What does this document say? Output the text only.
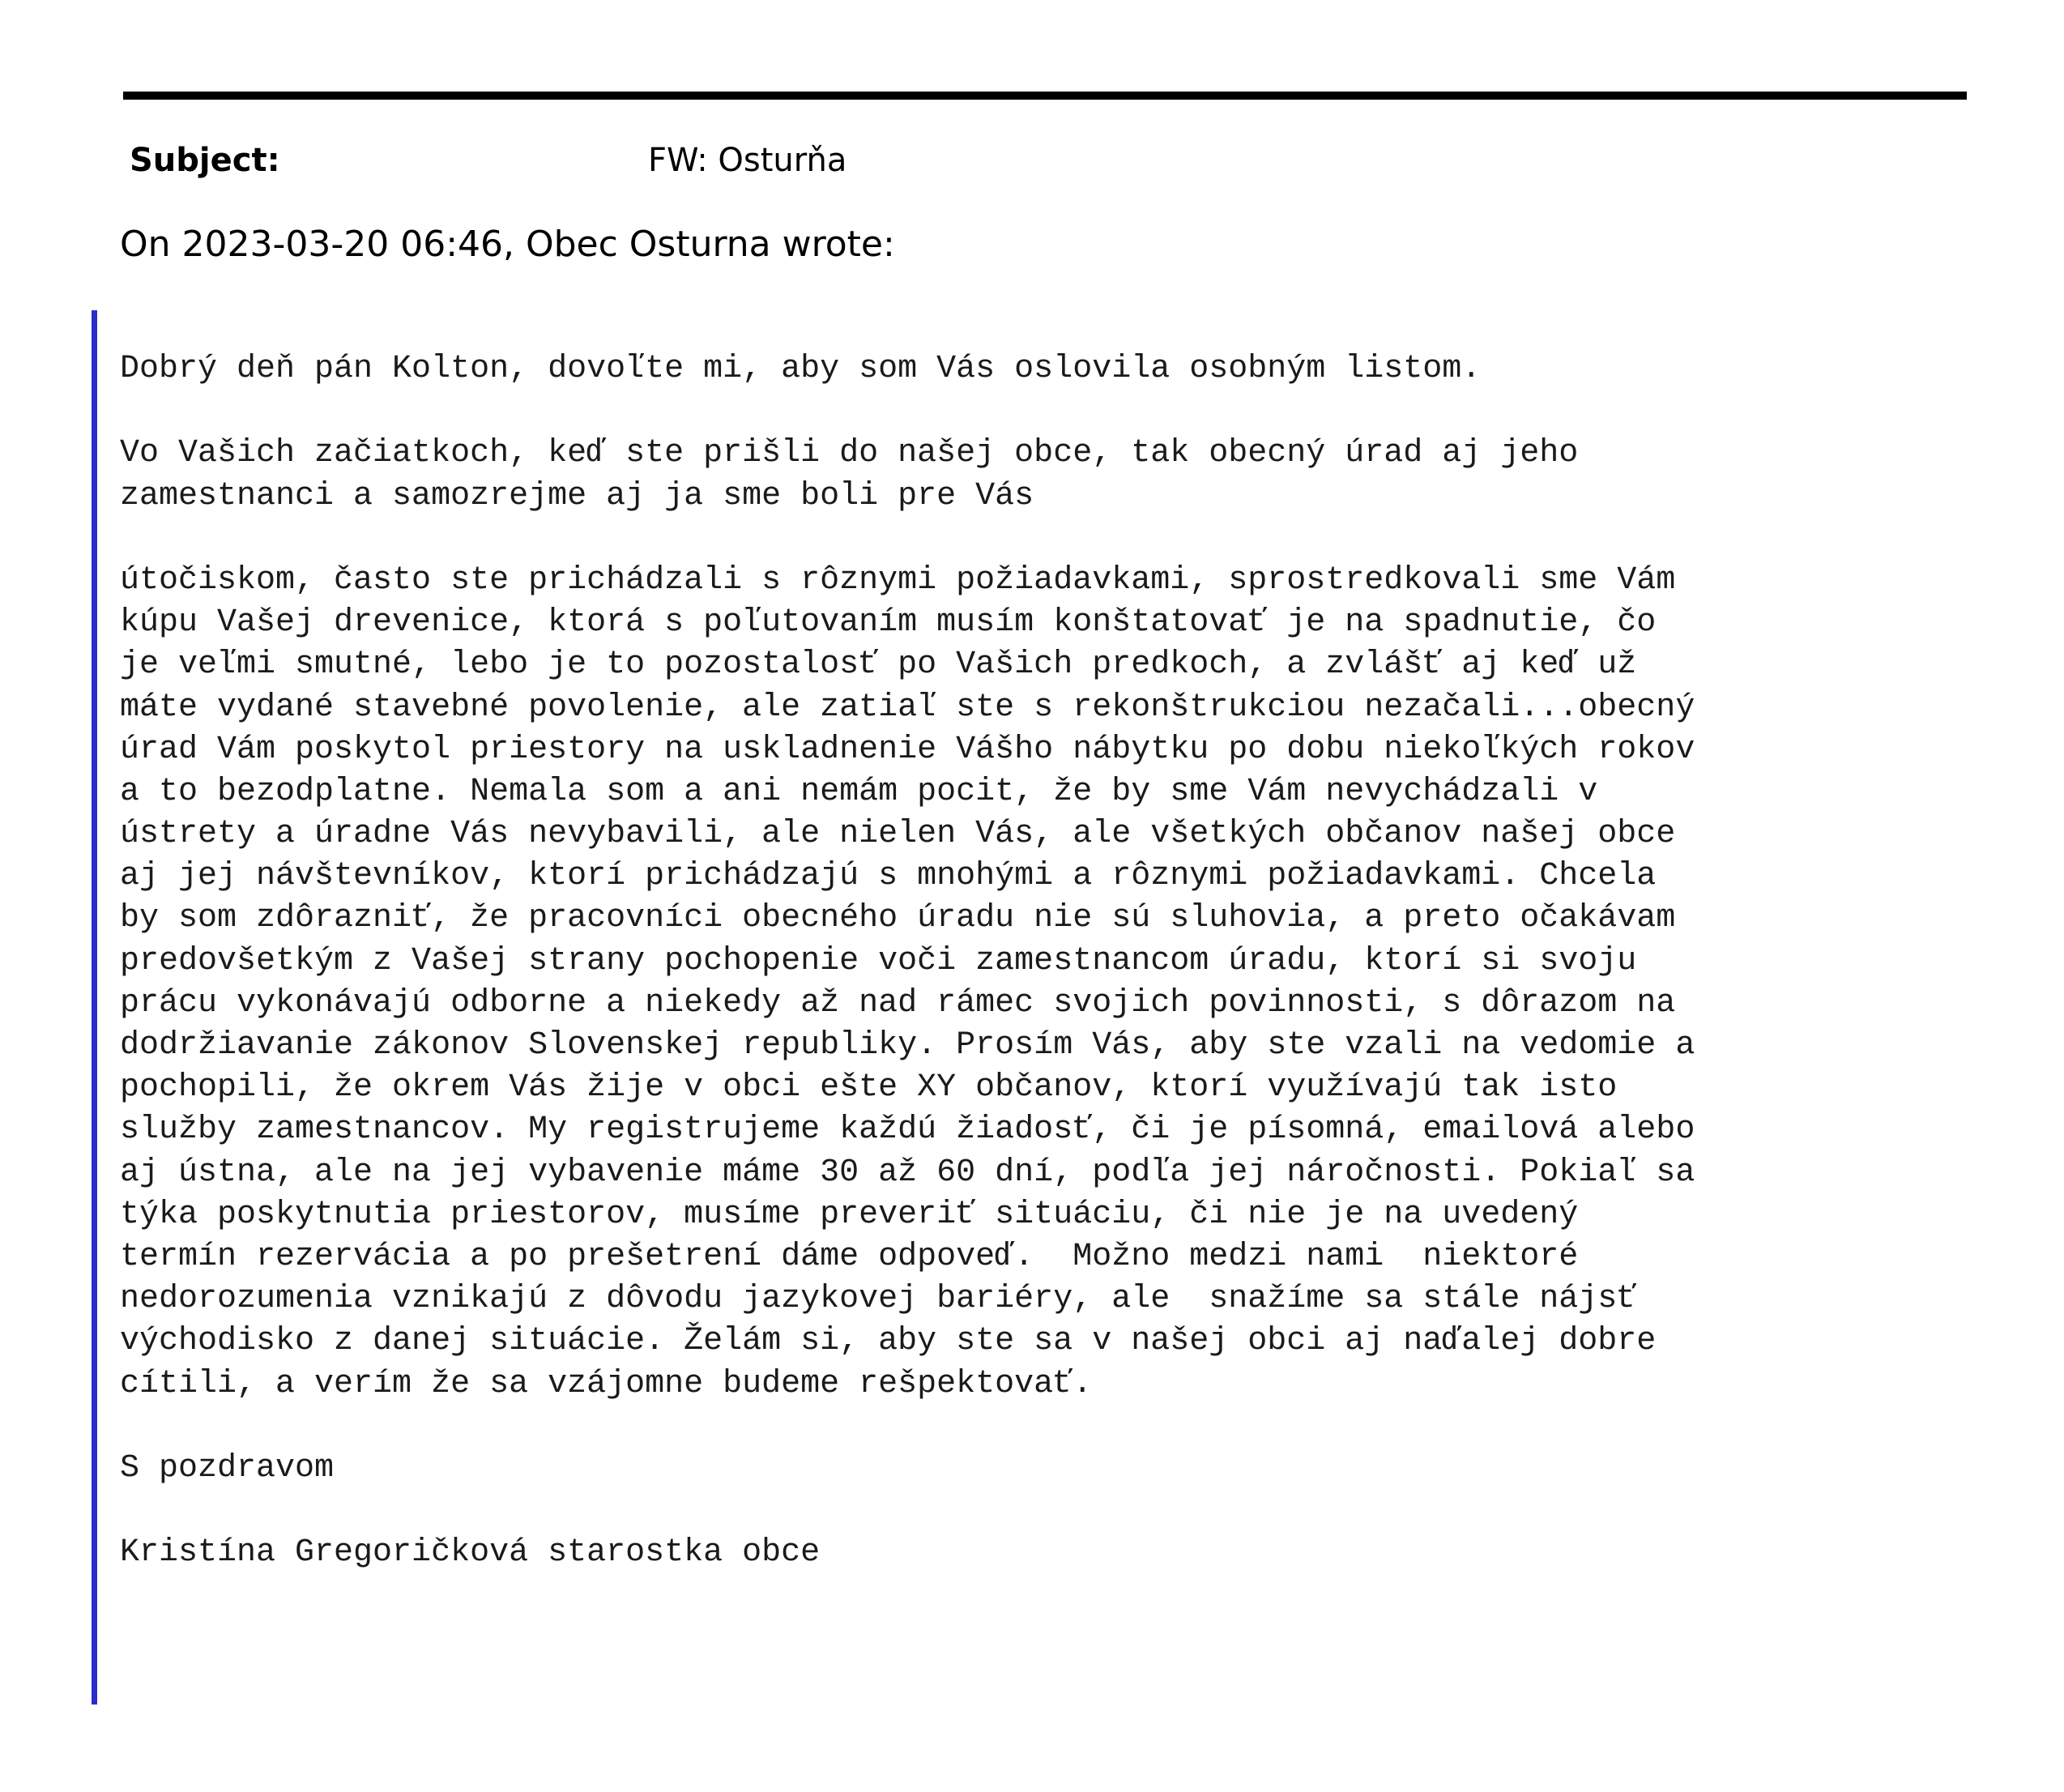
Subject:	FW: Osturňa
On 2023-03-20 06:46, Obec Osturna wrote:
Dobrý deň pán Kolton, dovoľte mi, aby som Vás oslovila osobným listom.
Vo Vašich začiatkoch, keď ste prišli do našej obce, tak obecný úrad aj jeho
zamestnanci a samozrejme aj ja sme boli pre Vás
útočiskom, často ste prichádzali s rôznymi požiadavkami, sprostredkovali sme Vám
kúpu Vašej drevenice, ktorá s poľutovaním musím konštatovať je na spadnutie, čo
je veľmi smutné, lebo je to pozostalosť po Vašich predkoch, a zvlášť aj keď už
máte vydané stavebné povolenie, ale zatiaľ ste s rekonštrukciou nezačali...obecný
úrad Vám poskytol priestory na uskladnenie Vášho nábytku po dobu niekoľkých rokov
a to bezodplatne. Nemala som a ani nemám pocit, že by sme Vám nevychádzali v
ústrety a úradne Vás nevybavili, ale nielen Vás, ale všetkých občanov našej obce
aj jej návštevníkov, ktorí prichádzajú s mnohými a rôznymi požiadavkami. Chcela
by som zdôrazniť, že pracovníci obecného úradu nie sú sluhovia, a preto očakávam
predovšetkým z Vašej strany pochopenie voči zamestnancom úradu, ktorí si svoju
prácu vykonávajú odborne a niekedy až nad rámec svojich povinnosti, s dôrazom na
dodržiavanie zákonov Slovenskej republiky. Prosím Vás, aby ste vzali na vedomie a
pochopili, že okrem Vás žije v obci ešte XY občanov, ktorí využívajú tak isto
služby zamestnancov. My registrujeme každú žiadosť, či je písomná, emailová alebo
aj ústna, ale na jej vybavenie máme 30 až 60 dní, podľa jej náročnosti. Pokiaľ sa
týka poskytnutia priestorov, musíme preveriť situáciu, či nie je na uvedený
termín rezervácia a po prešetrení dáme odpoveď.  Možno medzi nami  niektoré
nedorozumenia vznikajú z dôvodu jazykovej bariéry, ale  snažíme sa stále nájsť
východisko z danej situácie. Želám si, aby ste sa v našej obci aj naďalej dobre
cítili, a verím že sa vzájomne budeme rešpektovať.
S pozdravom
Kristína Gregoričková starostka obce
